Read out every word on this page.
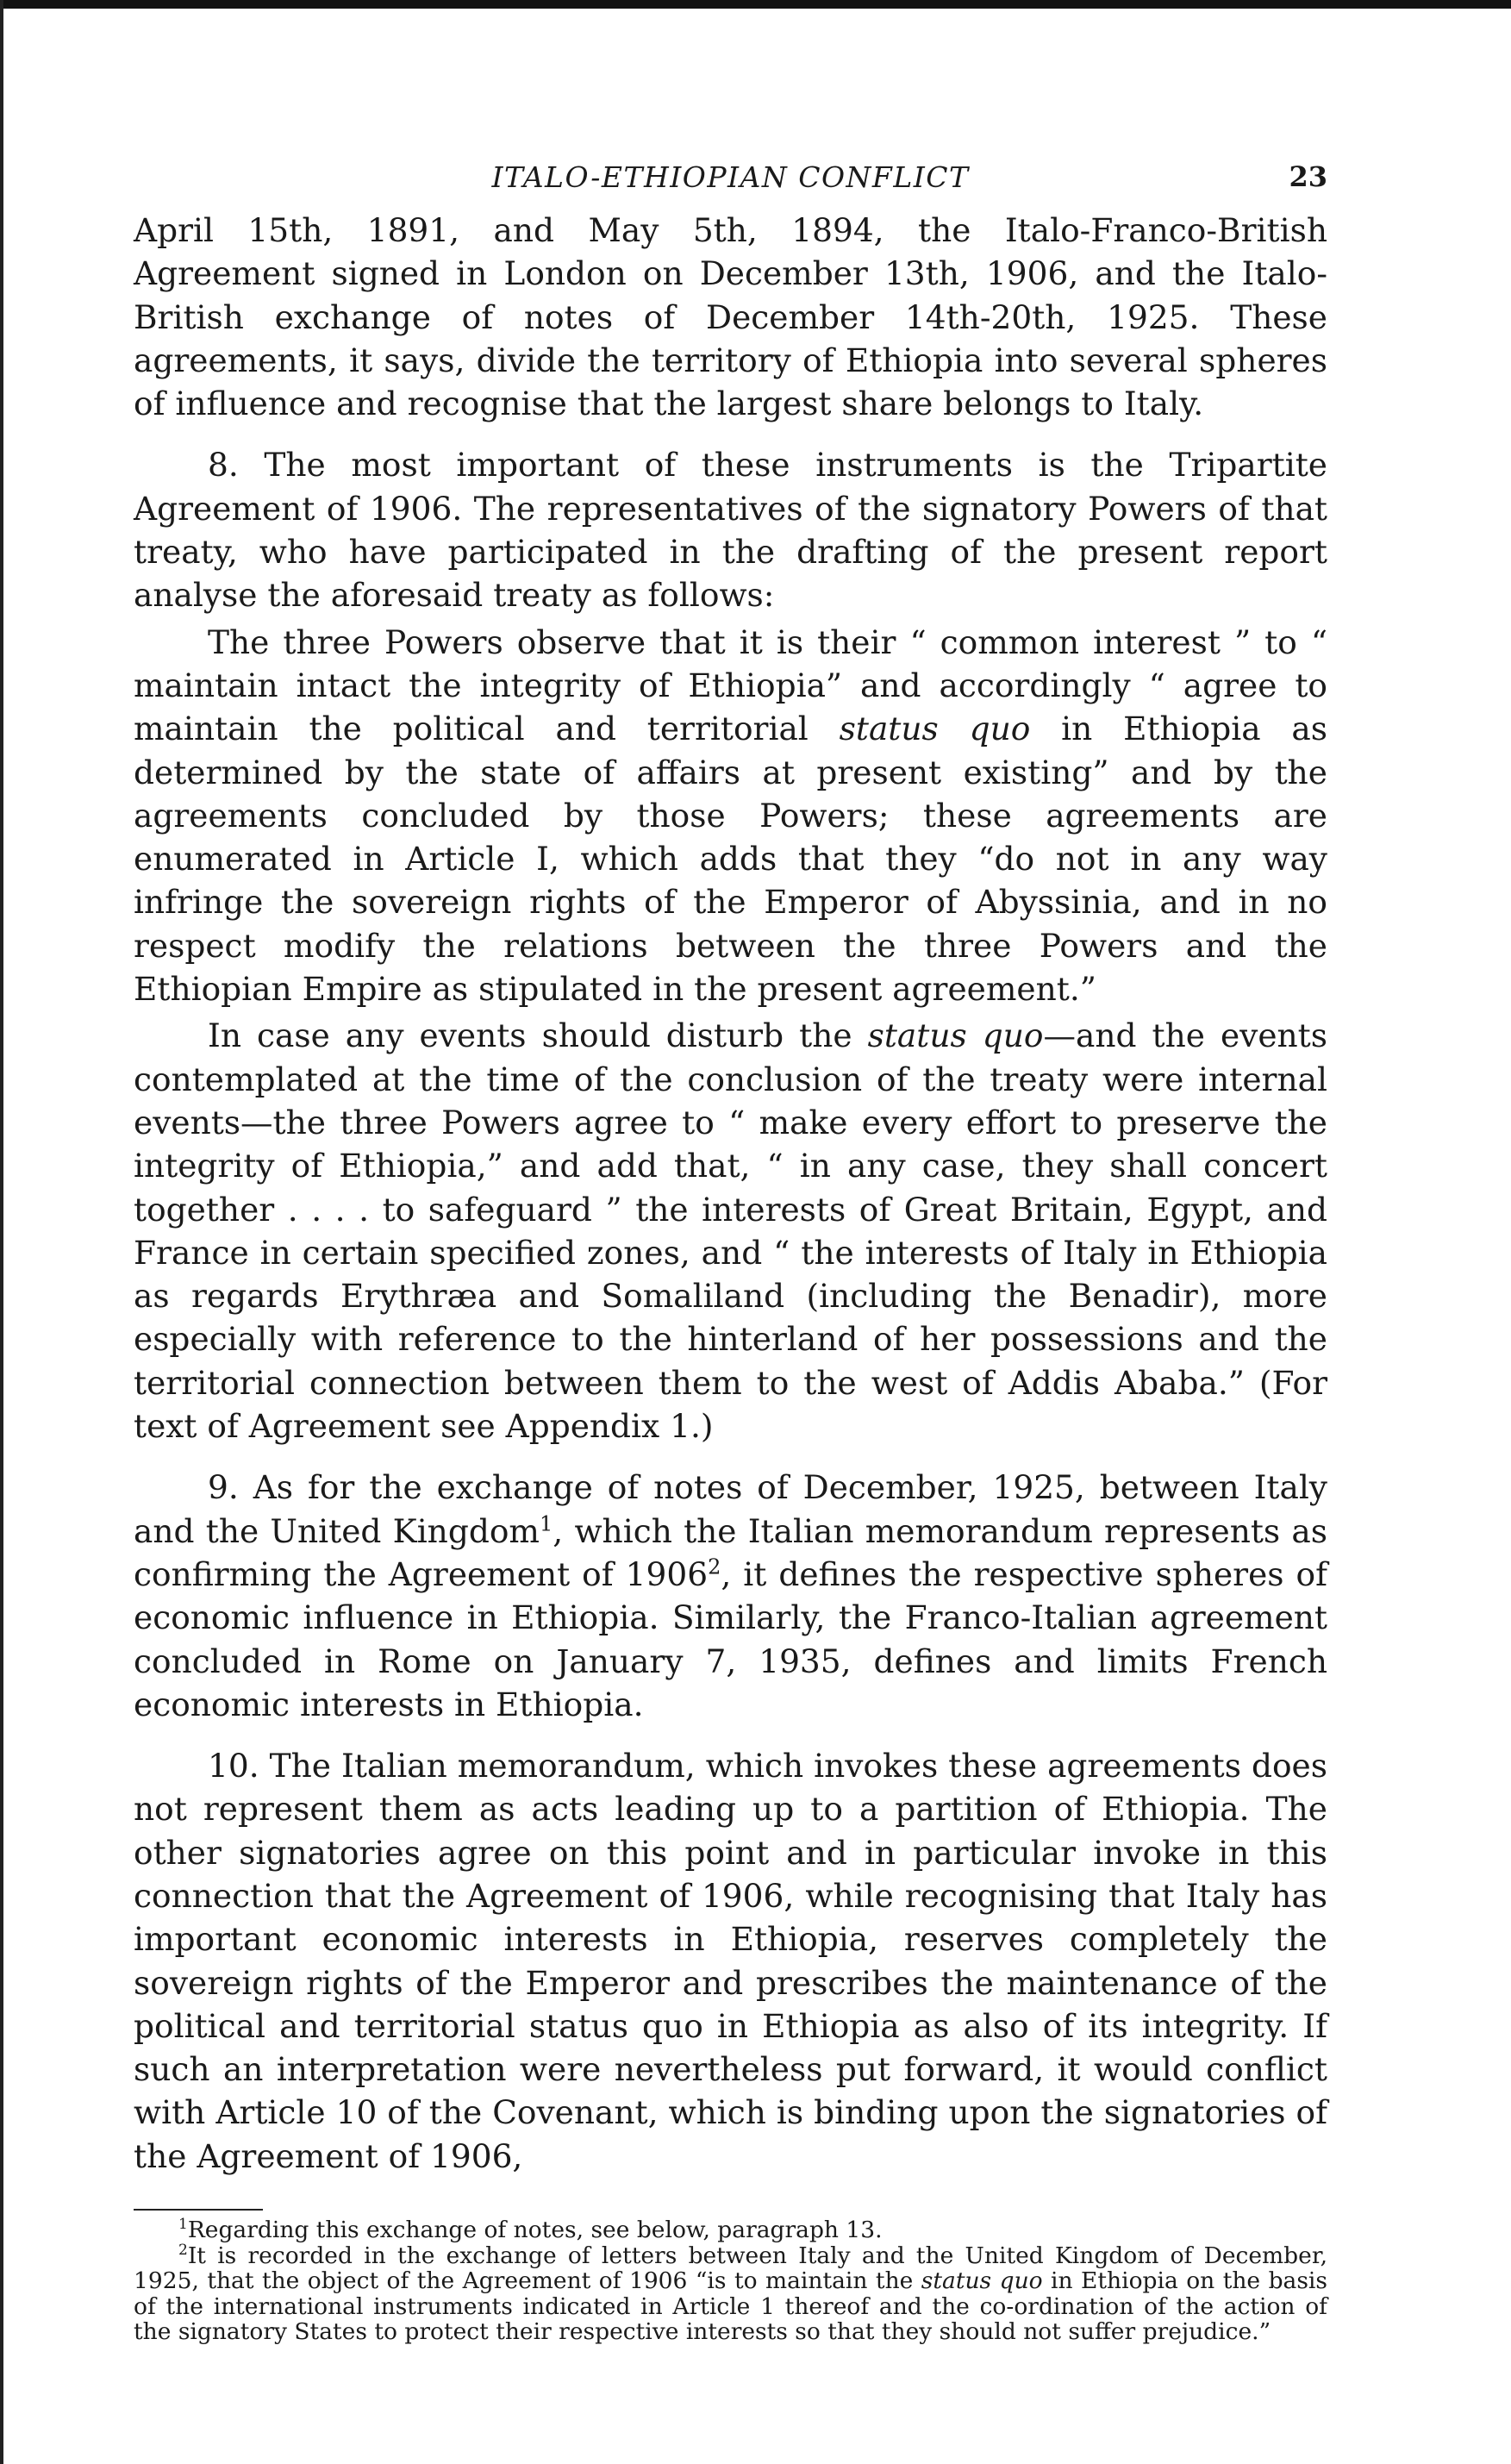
ITALO-ETHIOPIAN CONFLICT	23

April 15th, 1891, and May 5th, 1894, the Italo-Franco-British Agreement signed in London on December 13th, 1906, and the Italo-British exchange of notes of December 14th-20th, 1925. These agreements, it says, divide the territory of Ethiopia into several spheres of influence and recognise that the largest share belongs to Italy.

8. The most important of these instruments is the Tripartite Agreement of 1906. The representatives of the signatory Powers of that treaty, who have participated in the drafting of the present report analyse the aforesaid treaty as follows:

The three Powers observe that it is their “ common interest ” to “ maintain intact the integrity of Ethiopia” and accordingly “ agree to maintain the political and territorial status quo in Ethiopia as determined by the state of affairs at present existing” and by the agreements concluded by those Powers; these agreements are enumerated in Article I, which adds that they “do not in any way infringe the sovereign rights of the Emperor of Abyssinia, and in no respect modify the relations between the three Powers and the Ethiopian Empire as stipulated in the present agreement.”

In case any events should disturb the status quo—and the events contemplated at the time of the conclusion of the treaty were internal events—the three Powers agree to “ make every effort to preserve the integrity of Ethiopia,” and add that, “ in any case, they shall concert together . . . . to safeguard ” the interests of Great Britain, Egypt, and France in certain specified zones, and “ the interests of Italy in Ethiopia as regards Erythræa and Somaliland (including the Benadir), more especially with reference to the hinterland of her possessions and the territorial connection between them to the west of Addis Ababa.” (For text of Agreement see Appendix 1.)

9. As for the exchange of notes of December, 1925, between Italy and the United Kingdom$^1$, which the Italian memorandum represents as confirming the Agreement of 1906$^2$, it defines the respective spheres of economic influence in Ethiopia. Similarly, the Franco-Italian agreement concluded in Rome on January 7, 1935, defines and limits French economic interests in Ethiopia.

10. The Italian memorandum, which invokes these agreements does not represent them as acts leading up to a partition of Ethiopia. The other signatories agree on this point and in particular invoke in this connection that the Agreement of 1906, while recognising that Italy has important economic interests in Ethiopia, reserves completely the sovereign rights of the Emperor and prescribes the maintenance of the political and territorial status quo in Ethiopia as also of its integrity. If such an interpretation were nevertheless put forward, it would conflict with Article 10 of the Covenant, which is binding upon the signatories of the Agreement of 1906,

$^1$Regarding this exchange of notes, see below, paragraph 13.

$^2$It is recorded in the exchange of letters between Italy and the United Kingdom of December, 1925, that the object of the Agreement of 1906 “is to maintain the status quo in Ethiopia on the basis of the international instruments indicated in Article 1 thereof and the co-ordination of the action of the signatory States to protect their respective interests so that they should not suffer prejudice.”
